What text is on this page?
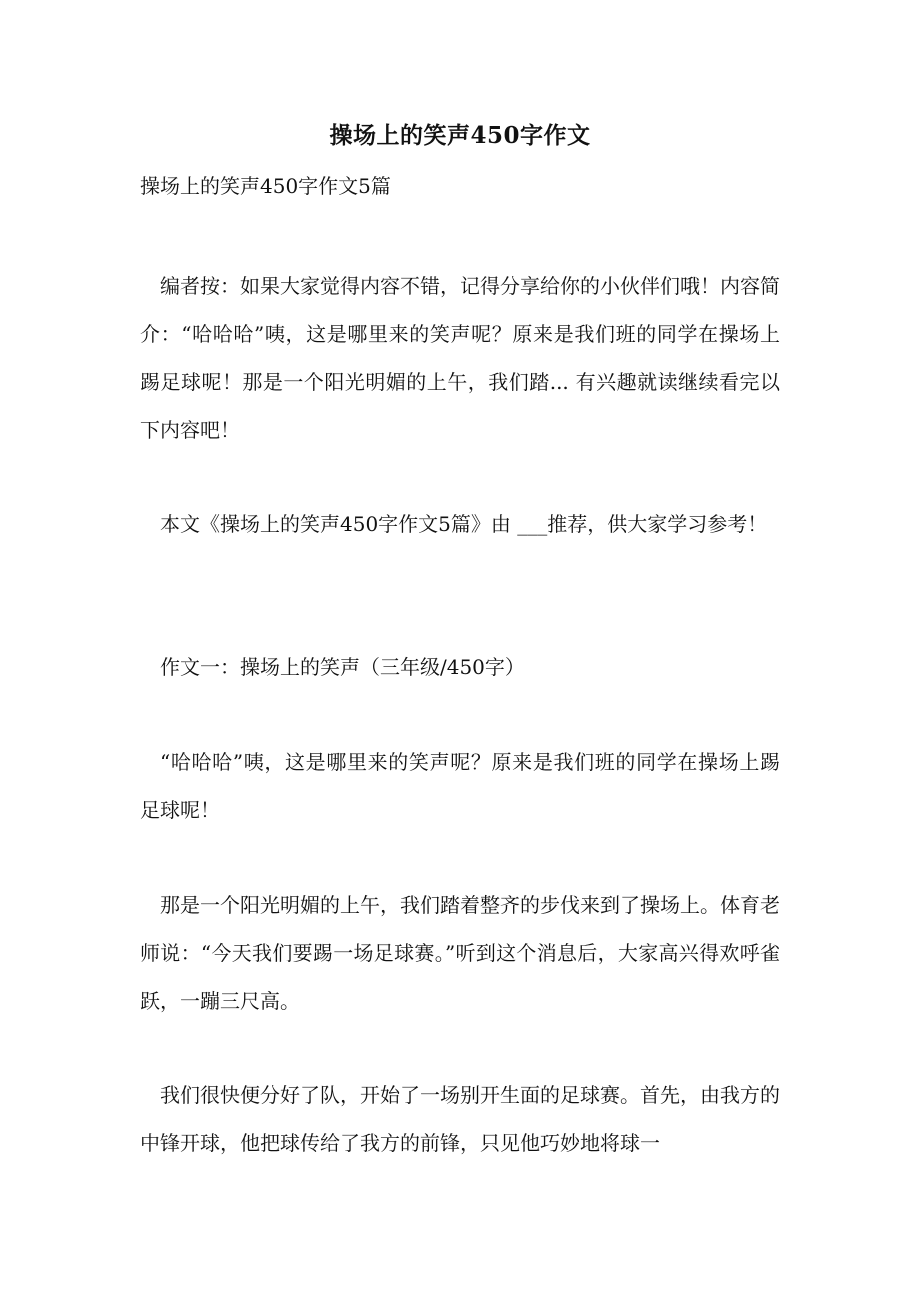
操场上的笑声450字作文
操场上的笑声450字作文5篇

编者按：如果大家觉得内容不错，记得分享给你的小伙伴们哦！内容简介：“哈哈哈”咦，这是哪里来的笑声呢？原来是我们班的同学在操场上踢足球呢！那是一个阳光明媚的上午，我们踏... 有兴趣就读继续看完以下内容吧！

本文《操场上的笑声450字作文5篇》由 ___推荐，供大家学习参考！

作文一：操场上的笑声（三年级/450字）

“哈哈哈”咦，这是哪里来的笑声呢？原来是我们班的同学在操场上踢足球呢！

那是一个阳光明媚的上午，我们踏着整齐的步伐来到了操场上。体育老师说：“今天我们要踢一场足球赛。”听到这个消息后，大家高兴得欢呼雀跃，一蹦三尺高。

我们很快便分好了队，开始了一场别开生面的足球赛。首先，由我方的中锋开球，他把球传给了我方的前锋，只见他巧妙地将球一
